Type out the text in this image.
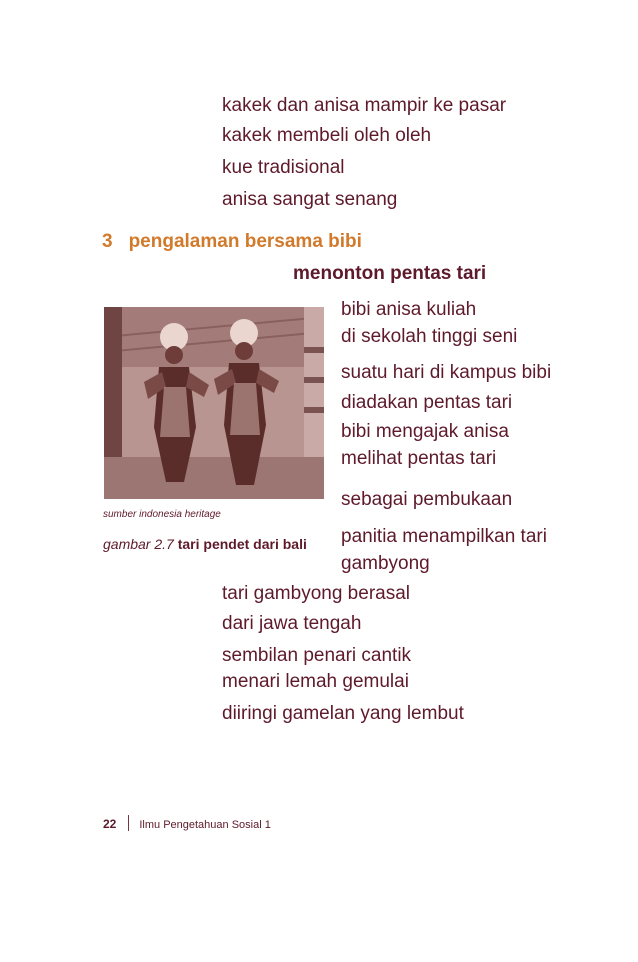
kakek dan anisa mampir ke pasar
kakek membeli oleh oleh
kue tradisional
anisa sangat senang
3 pengalaman bersama bibi
menonton pentas tari
sumber indonesia heritage
gambar 2.7 tari pendet dari bali
bibi anisa kuliah
di sekolah tinggi seni
suatu hari di kampus bibi
diadakan pentas tari
bibi mengajak anisa
melihat pentas tari
sebagai pembukaan
panitia menampilkan tari
gambyong
tari gambyong berasal
dari jawa tengah
sembilan penari cantik
menari lemah gemulai
diiringi gamelan yang lembut
22 Ilmu Pengetahuan Sosial 1
